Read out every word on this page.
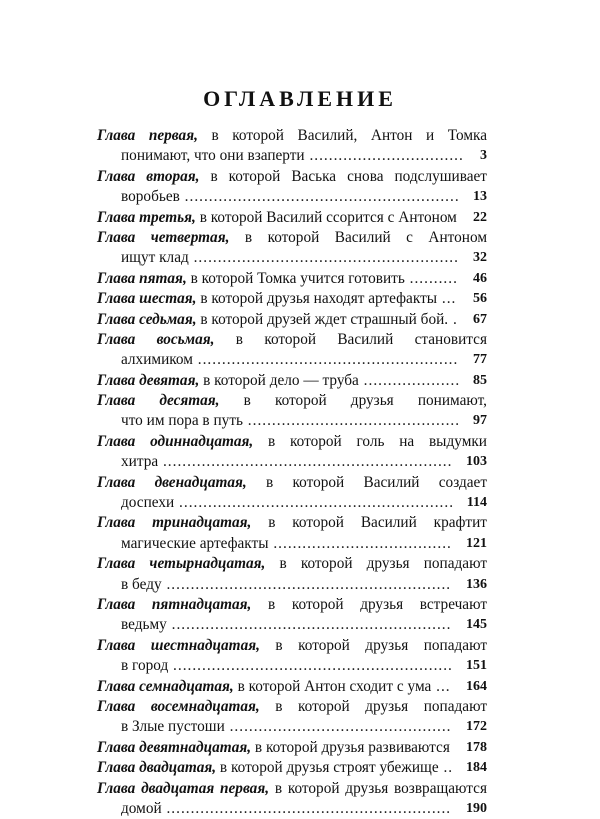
ОГЛАВЛЕНИЕ
Глава первая, в которой Василий, Антон и Томка
понимают, что они взаперти ................................ 3
Глава вторая, в которой Васька снова подслушивает
воробьев ......................................................... 13
Глава третья, в которой Василий ссорится с Антоном 22
Глава четвертая, в которой Василий с Антоном
ищут клад ....................................................... 32
Глава пятая, в которой Томка учится готовить .......... 46
Глава шестая, в которой друзья находят артефакты ... 56
Глава седьмая, в которой друзей ждет страшный бой. . 67
Глава восьмая, в которой Василий становится
алхимиком ...................................................... 77
Глава девятая, в которой дело — труба .................... 85
Глава десятая, в которой друзья понимают,
что им пора в путь ............................................ 97
Глава одиннадцатая, в которой голь на выдумки
хитра ............................................................ 103
Глава двенадцатая, в которой Василий создает
доспехи ......................................................... 114
Глава тринадцатая, в которой Василий крафтит
магические артефакты ..................................... 121
Глава четырнадцатая, в которой друзья попадают
в беду ........................................................... 136
Глава пятнадцатая, в которой друзья встречают
ведьму .......................................................... 145
Глава шестнадцатая, в которой друзья попадают
в город .......................................................... 151
Глава семнадцатая, в которой Антон сходит с ума ... 164
Глава восемнадцатая, в которой друзья попадают
в Злые пустоши .............................................. 172
Глава девятнадцатая, в которой друзья развиваются 178
Глава двадцатая, в которой друзья строят убежище .. 184
Глава двадцатая первая, в которой друзья возвращаются
домой ........................................................... 190
